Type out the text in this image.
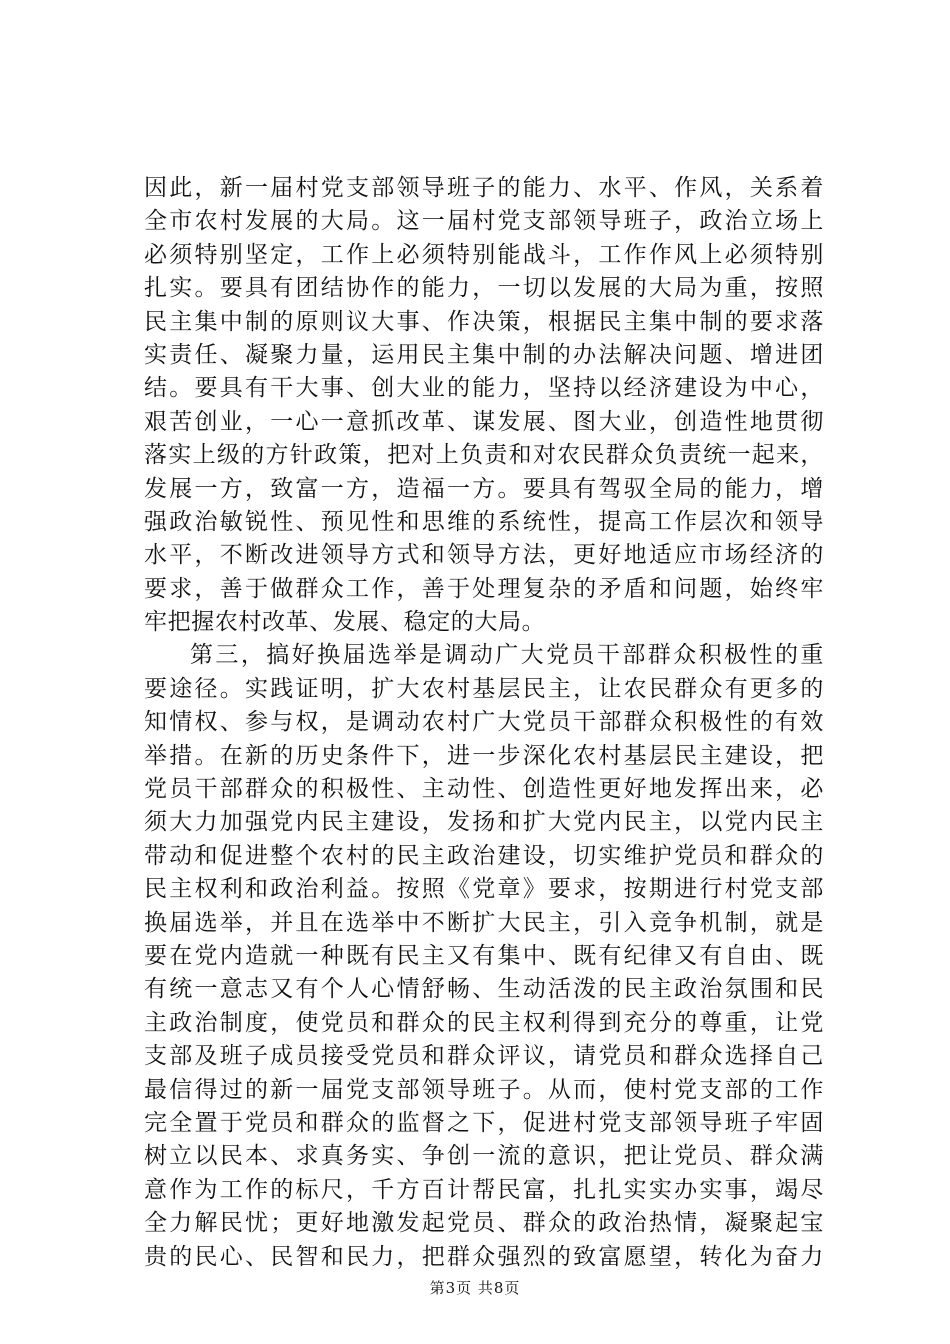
因此，新一届村党支部领导班子的能力、水平、作风，关系着
全市农村发展的大局。这一届村党支部领导班子，政治立场上
必须特别坚定，工作上必须特别能战斗，工作作风上必须特别
扎实。要具有团结协作的能力，一切以发展的大局为重，按照
民主集中制的原则议大事、作决策，根据民主集中制的要求落
实责任、凝聚力量，运用民主集中制的办法解决问题、增进团
结。要具有干大事、创大业的能力，坚持以经济建设为中心，
艰苦创业，一心一意抓改革、谋发展、图大业，创造性地贯彻
落实上级的方针政策，把对上负责和对农民群众负责统一起来，
发展一方，致富一方，造福一方。要具有驾驭全局的能力，增
强政治敏锐性、预见性和思维的系统性，提高工作层次和领导
水平，不断改进领导方式和领导方法，更好地适应市场经济的
要求，善于做群众工作，善于处理复杂的矛盾和问题，始终牢
牢把握农村改革、发展、稳定的大局。
第三，搞好换届选举是调动广大党员干部群众积极性的重
要途径。实践证明，扩大农村基层民主，让农民群众有更多的
知情权、参与权，是调动农村广大党员干部群众积极性的有效
举措。在新的历史条件下，进一步深化农村基层民主建设，把
党员干部群众的积极性、主动性、创造性更好地发挥出来，必
须大力加强党内民主建设，发扬和扩大党内民主，以党内民主
带动和促进整个农村的民主政治建设，切实维护党员和群众的
民主权利和政治利益。按照《党章》要求，按期进行村党支部
换届选举，并且在选举中不断扩大民主，引入竞争机制，就是
要在党内造就一种既有民主又有集中、既有纪律又有自由、既
有统一意志又有个人心情舒畅、生动活泼的民主政治氛围和民
主政治制度，使党员和群众的民主权利得到充分的尊重，让党
支部及班子成员接受党员和群众评议，请党员和群众选择自己
最信得过的新一届党支部领导班子。从而，使村党支部的工作
完全置于党员和群众的监督之下，促进村党支部领导班子牢固
树立以民本、求真务实、争创一流的意识，把让党员、群众满
意作为工作的标尺，千方百计帮民富，扎扎实实办实事，竭尽
全力解民忧；更好地激发起党员、群众的政治热情，凝聚起宝
贵的民心、民智和民力，把群众强烈的致富愿望，转化为奋力
第3页 共8页
